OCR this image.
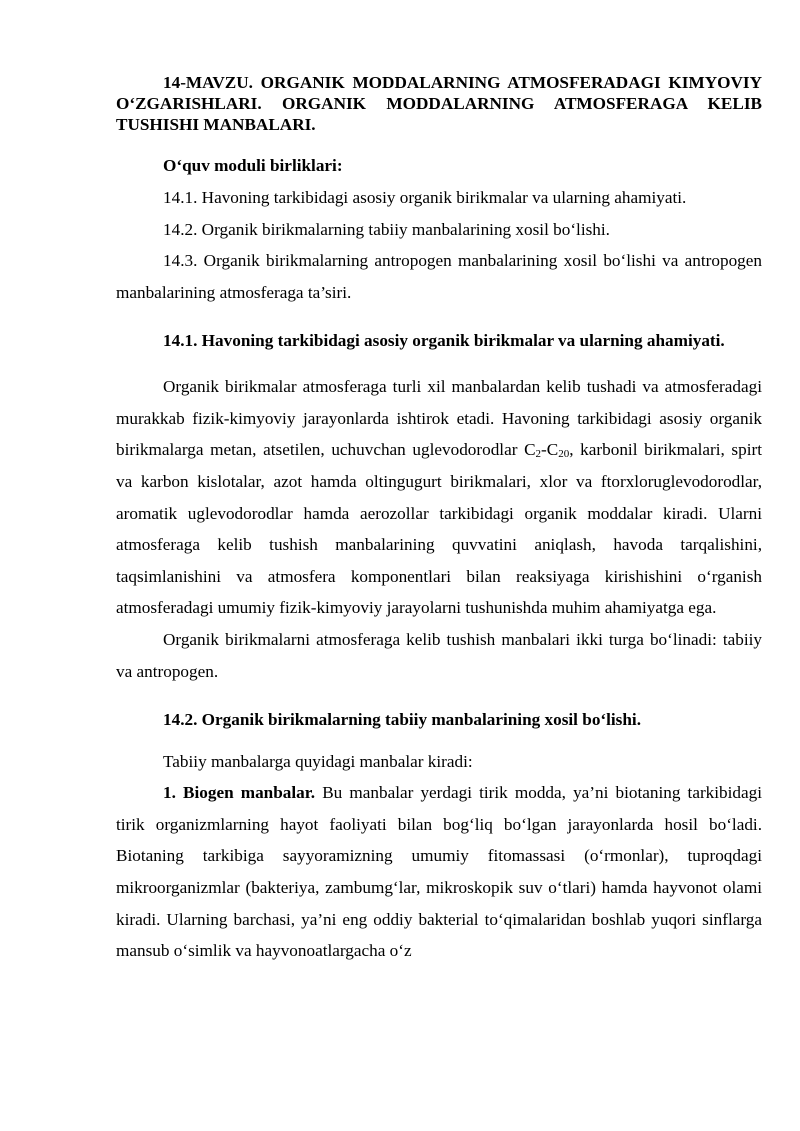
14-MAVZU. ORGANIK MODDALARNING ATMOSFERADAGI KIMYOVIY O‘ZGARISHLARI. ORGANIK MODDALARNING ATMOSFERAGA KELIB TUSHISHI MANBALARI.

O‘quv moduli birliklari:

14.1. Havoning tarkibidagi asosiy organik birikmalar va ularning ahamiyati.

14.2. Organik birikmalarning tabiiy manbalarining xosil bo‘lishi.

14.3. Organik birikmalarning antropogen manbalarining xosil bo‘lishi va antropogen manbalarining atmosferaga ta’siri.

14.1. Havoning tarkibidagi asosiy organik birikmalar va ularning ahamiyati.

Organik birikmalar atmosferaga turli xil manbalardan kelib tushadi va atmosferadagi murakkab fizik-kimyoviy jarayonlarda ishtirok etadi. Havoning tarkibidagi asosiy organik birikmalarga metan, atsetilen, uchuvchan uglevodorodlar $C_2-C_{20}$, karbonil birikmalari, spirt va karbon kislotalar, azot hamda oltingugurt birikmalari, xlor va ftorxloruglevodorodlar, aromatik uglevodorodlar hamda aerozollar tarkibidagi organik moddalar kiradi. Ularni atmosferaga kelib tushish manbalarining quvvatini aniqlash, havoda tarqalishini, taqsimlanishini va atmosfera komponentlari bilan reaksiyaga kirishishini o‘rganish atmosferadagi umumiy fizik-kimyoviy jarayolarni tushunishda muhim ahamiyatga ega.

Organik birikmalarni atmosferaga kelib tushish manbalari ikki turga bo‘linadi: tabiiy va antropogen.

14.2. Organik birikmalarning tabiiy manbalarining xosil bo‘lishi.

Tabiiy manbalarga quyidagi manbalar kiradi:

1. Biogen manbalar. Bu manbalar yerdagi tirik modda, ya’ni biotaning tarkibidagi tirik organizmlarning hayot faoliyati bilan bog‘liq bo‘lgan jarayonlarda hosil bo‘ladi. Biotaning tarkibiga sayyoramizning umumiy fitomassasi (o‘rmonlar), tuproqdagi mikroorganizmlar (bakteriya, zambumg‘lar, mikroskopik suv o‘tlari) hamda hayvonot olami kiradi. Ularning barchasi, ya’ni eng oddiy bakterial to‘qimalaridan boshlab yuqori sinflarga mansub o‘simlik va hayvonoatlargacha o‘z
